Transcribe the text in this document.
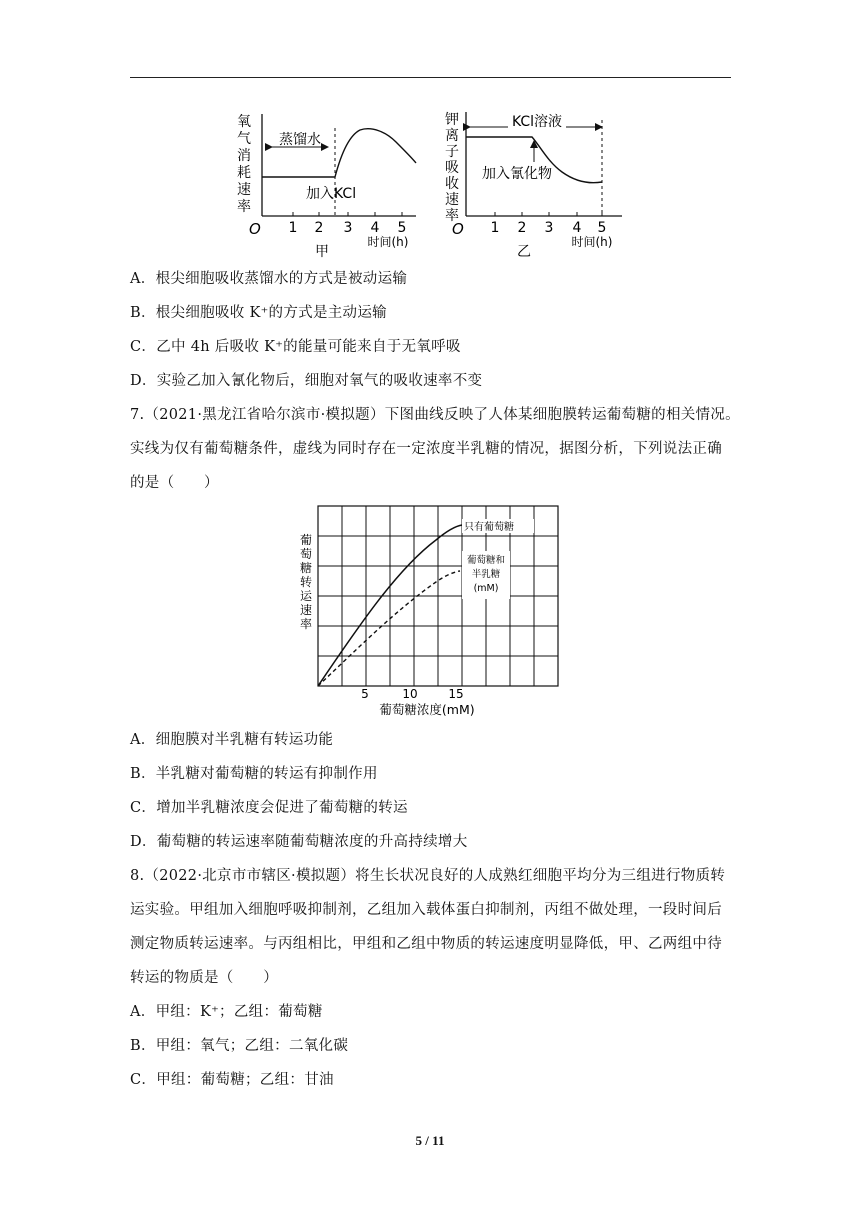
氧
气
消
耗
速
率
O 1 2 3 4 5
时间(h)
甲
蒸馏水
加入KCl
钾
离
子
吸
收
速
率
O 1 2 3 4 5
时间(h)
乙
KCl溶液
加入氰化物
A．根尖细胞吸收蒸馏水的方式是被动运输
B．根尖细胞吸收 K⁺的方式是主动运输
C．乙中 4h 后吸收 K⁺的能量可能来自于无氧呼吸
D．实验乙加入氰化物后，细胞对氧气的吸收速率不变
7.（2021·黑龙江省哈尔滨市·模拟题）下图曲线反映了人体某细胞膜转运葡萄糖的相关情况。
实线为仅有葡萄糖条件，虚线为同时存在一定浓度半乳糖的情况，据图分析，下列说法正确
的是（　　）
葡
萄
糖
转
运
速
率
只有葡萄糖
葡萄糖和
半乳糖
(mM)
5	10	15
葡萄糖浓度(mM)
A．细胞膜对半乳糖有转运功能
B．半乳糖对葡萄糖的转运有抑制作用
C．增加半乳糖浓度会促进了葡萄糖的转运
D．葡萄糖的转运速率随葡萄糖浓度的升高持续增大
8.（2022·北京市市辖区·模拟题）将生长状况良好的人成熟红细胞平均分为三组进行物质转
运实验。甲组加入细胞呼吸抑制剂，乙组加入载体蛋白抑制剂，丙组不做处理，一段时间后
测定物质转运速率。与丙组相比，甲组和乙组中物质的转运速度明显降低，甲、乙两组中待
转运的物质是（　　）
A．甲组：K⁺；乙组：葡萄糖
B．甲组：氧气；乙组：二氧化碳
C．甲组：葡萄糖；乙组：甘油
5 / 11
